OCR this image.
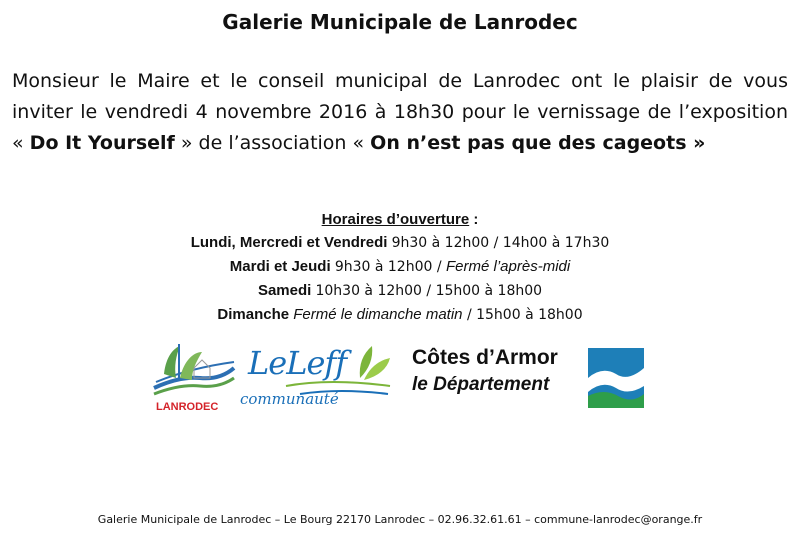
Galerie Municipale de Lanrodec
Monsieur le Maire et le conseil municipal de Lanrodec ont le plaisir de vous inviter le vendredi 4 novembre 2016 à 18h30 pour le vernissage de l’exposition « Do It Yourself » de l’association « On n’est pas que des cageots »
Horaires d’ouverture :
Lundi, Mercredi et Vendredi 9h30 à 12h00 / 14h00 à 17h30
Mardi et Jeudi 9h30 à 12h00 / Fermé l’après-midi
Samedi 10h30 à 12h00 / 15h00 à 18h00
Dimanche Fermé le dimanche matin / 15h00 à 18h00
LANRODEC
LeLeff
communauté
Côtes d’Armor
le Département
Galerie Municipale de Lanrodec – Le Bourg 22170 Lanrodec – 02.96.32.61.61 – commune-lanrodec@orange.fr
